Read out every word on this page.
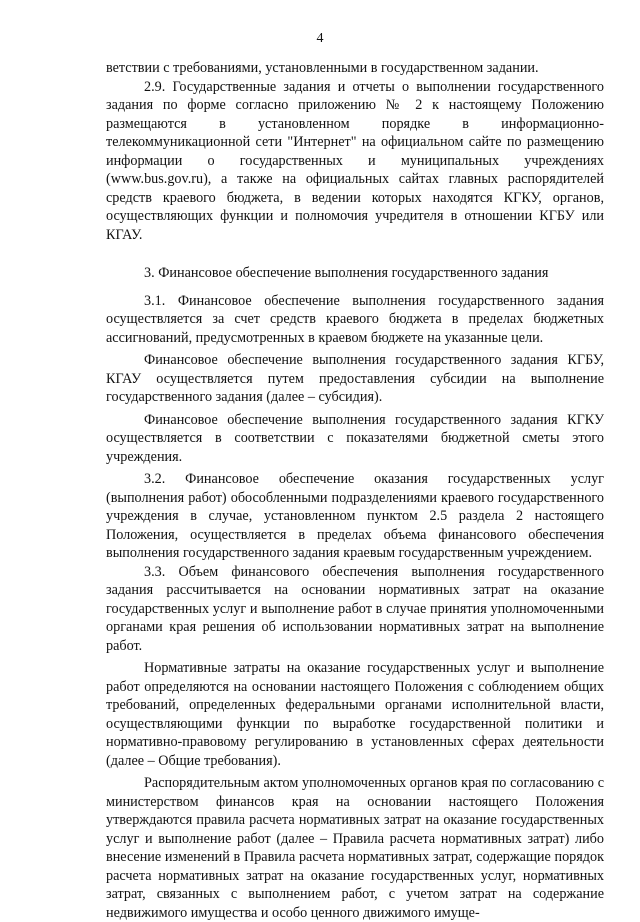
4

ветствии с требованиями, установленными в государственном задании.

2.9. Государственные задания и отчеты о выполнении государственного задания по форме согласно приложению № 2 к настоящему Положению размещаются в установленном порядке в информационно-телекоммуникационной сети "Интернет" на официальном сайте по размещению информации о государственных и муниципальных учреждениях (www.bus.gov.ru), а также на официальных сайтах главных распорядителей средств краевого бюджета, в ведении которых находятся КГКУ, органов, осуществляющих функции и полномочия учредителя в отношении КГБУ или КГАУ.

3. Финансовое обеспечение выполнения государственного задания

3.1. Финансовое обеспечение выполнения государственного задания осуществляется за счет средств краевого бюджета в пределах бюджетных ассигнований, предусмотренных в краевом бюджете на указанные цели.

Финансовое обеспечение выполнения государственного задания КГБУ, КГАУ осуществляется путем предоставления субсидии на выполнение государственного задания (далее – субсидия).

Финансовое обеспечение выполнения государственного задания КГКУ осуществляется в соответствии с показателями бюджетной сметы этого учреждения.

3.2. Финансовое обеспечение оказания государственных услуг (выполнения работ) обособленными подразделениями краевого государственного учреждения в случае, установленном пунктом 2.5 раздела 2 настоящего Положения, осуществляется в пределах объема финансового обеспечения выполнения государственного задания краевым государственным учреждением.

3.3. Объем финансового обеспечения выполнения государственного задания рассчитывается на основании нормативных затрат на оказание государственных услуг и выполнение работ в случае принятия уполномоченными органами края решения об использовании нормативных затрат на выполнение работ.

Нормативные затраты на оказание государственных услуг и выполнение работ определяются на основании настоящего Положения с соблюдением общих требований, определенных федеральными органами исполнительной власти, осуществляющими функции по выработке государственной политики и нормативно-правовому регулированию в установленных сферах деятельности (далее – Общие требования).

Распорядительным актом уполномоченных органов края по согласованию с министерством финансов края на основании настоящего Положения утверждаются правила расчета нормативных затрат на оказание государственных услуг и выполнение работ (далее – Правила расчета нормативных затрат) либо внесение изменений в Правила расчета нормативных затрат, содержащие порядок расчета нормативных затрат на оказание государственных услуг, нормативных затрат, связанных с выполнением работ, с учетом затрат на содержание недвижимого имущества и особо ценного движимого имуще-
